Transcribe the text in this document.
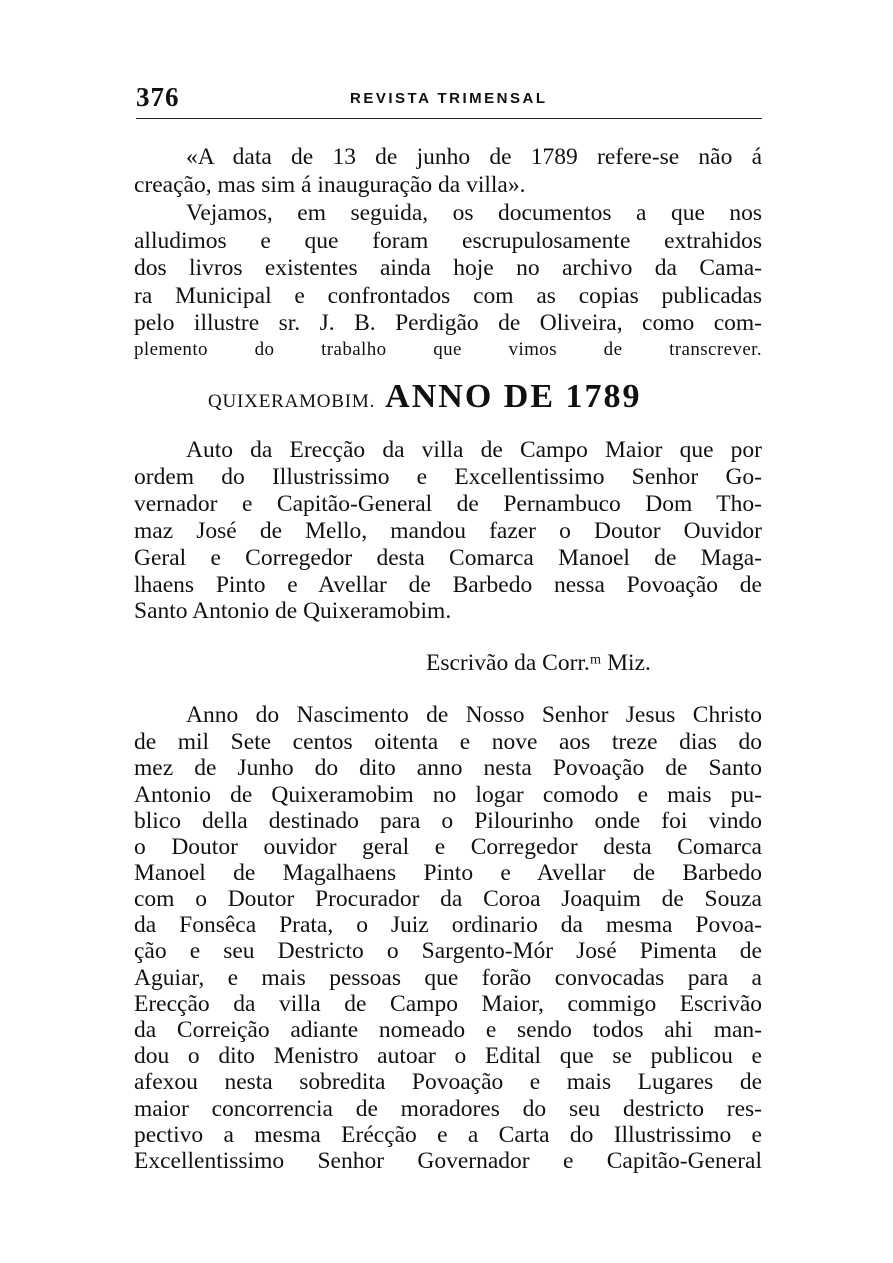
376	REVISTA TRIMENSAL
«A data de 13 de junho de 1789 refere-se não á
creação, mas sim á inauguração da villa».
Vejamos, em seguida, os documentos a que nos
alludimos e que foram escrupulosamente extrahidos
dos livros existentes ainda hoje no archivo da Cama-
ra Municipal e confrontados com as copias publicadas
pelo illustre sr. J. B. Perdigão de Oliveira, como com-
plemento do trabalho que vimos de transcrever.
QUIXERAMOBIM. ANNO DE 1789
Auto da Erecção da villa de Campo Maior que por
ordem do Illustrissimo e Excellentissimo Senhor Go-
vernador e Capitão-General de Pernambuco Dom Tho-
maz José de Mello, mandou fazer o Doutor Ouvidor
Geral e Corregedor desta Comarca Manoel de Maga-
lhaens Pinto e Avellar de Barbedo nessa Povoação de
Santo Antonio de Quixeramobim.
Escrivão da Corr.ᵐ Miz.
Anno do Nascimento de Nosso Senhor Jesus Christo
de mil Sete centos oitenta e nove aos treze dias do
mez de Junho do dito anno nesta Povoação de Santo
Antonio de Quixeramobim no logar comodo e mais pu-
blico della destinado para o Pilourinho onde foi vindo
o Doutor ouvidor geral e Corregedor desta Comarca
Manoel de Magalhaens Pinto e Avellar de Barbedo
com o Doutor Procurador da Coroa Joaquim de Souza
da Fonsêca Prata, o Juiz ordinario da mesma Povoa-
ção e seu Destricto o Sargento-Mór José Pimenta de
Aguiar, e mais pessoas que forão convocadas para a
Erecção da villa de Campo Maior, commigo Escrivão
da Correição adiante nomeado e sendo todos ahi man-
dou o dito Menistro autoar o Edital que se publicou e
afexou nesta sobredita Povoação e mais Lugares de
maior concorrencia de moradores do seu destricto res-
pectivo a mesma Erécção e a Carta do Illustrissimo e
Excellentissimo Senhor Governador e Capitão-General
